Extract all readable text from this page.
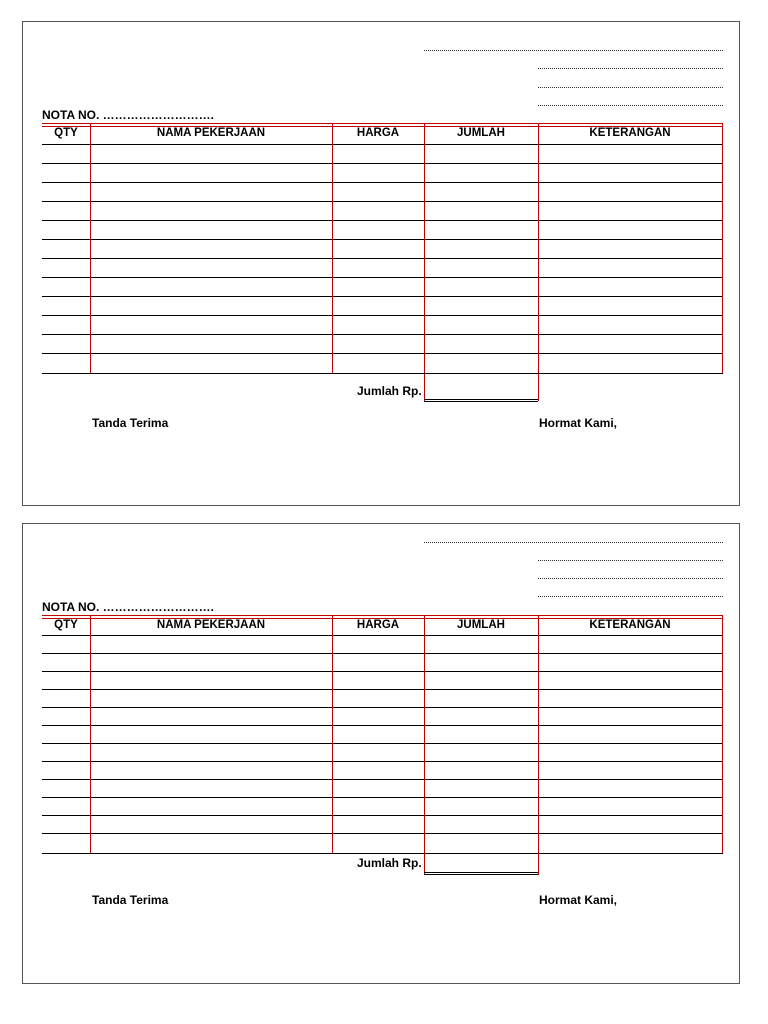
NOTA NO. ……………………….
QTY	NAMA PEKERJAAN	HARGA	JUMLAH	KETERANGAN
Jumlah Rp.
Tanda Terima	Hormat Kami,
NOTA NO. ……………………….
QTY	NAMA PEKERJAAN	HARGA	JUMLAH	KETERANGAN
Jumlah Rp.
Tanda Terima	Hormat Kami,
